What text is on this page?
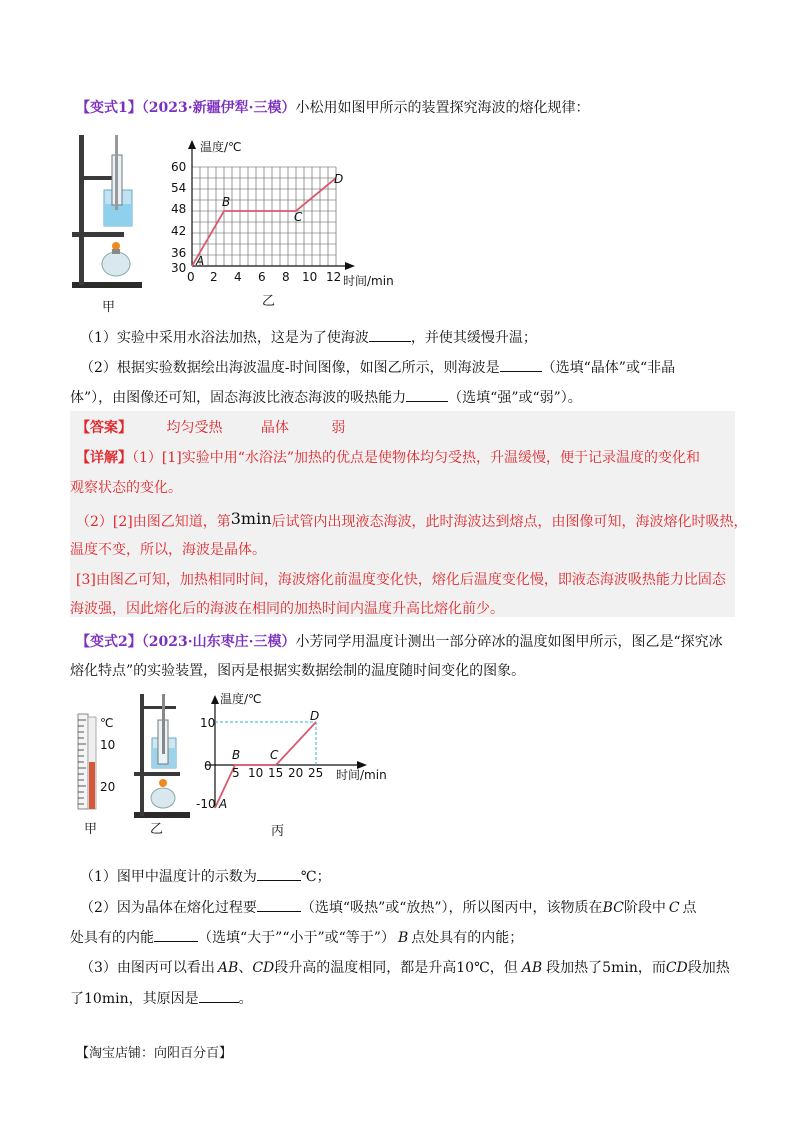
【变式1】（2023·新疆伊犁·三模）小松用如图甲所示的装置探究海波的熔化规律：
甲
温度/℃
60
54
48
42
36
30
0 2 4 6 8 10 12 时间/min
A
B
C
D
乙
（1）实验中采用水浴法加热，这是为了使海波	，并使其缓慢升温；
（2）根据实验数据绘出海波温度-时间图像，如图乙所示，则海波是	（选填“晶体”或“非晶
体”），由图像还可知，固态海波比液态海波的吸热能力	（选填“强”或“弱”）。
【答案】 均匀受热	晶体	弱
【详解】（1）[1]实验中用“水浴法”加热的优点是使物体均匀受热，升温缓慢，便于记录温度的变化和
观察状态的变化。
（2）[2]由图乙知道，第3min后试管内出现液态海波，此时海波达到熔点，由图像可知，海波熔化时吸热，
温度不变，所以，海波是晶体。
[3]由图乙可知，加热相同时间，海波熔化前温度变化快，熔化后温度变化慢，即液态海波吸热能力比固态
海波强，因此熔化后的海波在相同的加热时间内温度升高比熔化前少。
【变式2】（2023·山东枣庄·三模）小芳同学用温度计测出一部分碎冰的温度如图甲所示，图乙是“探究冰
熔化特点”的实验装置，图丙是根据实数据绘制的温度随时间变化的图象。
℃
10
20
甲	乙
温度/℃
10
0
-10
5 10 15 20 25 时间/min
A
B C
D
丙
（1）图甲中温度计的示数为	℃；
（2）因为晶体在熔化过程要	（选填“吸热”或“放热”），所以图丙中，该物质在BC阶段中 C 点
处具有的内能	（选填“大于”“小于”或“等于”） B 点处具有的内能；
（3）由图丙可以看出 AB、CD段升高的温度相同，都是升高10℃，但 AB 段加热了5min，而CD段加热
了10min，其原因是	。
【淘宝店铺：向阳百分百】
